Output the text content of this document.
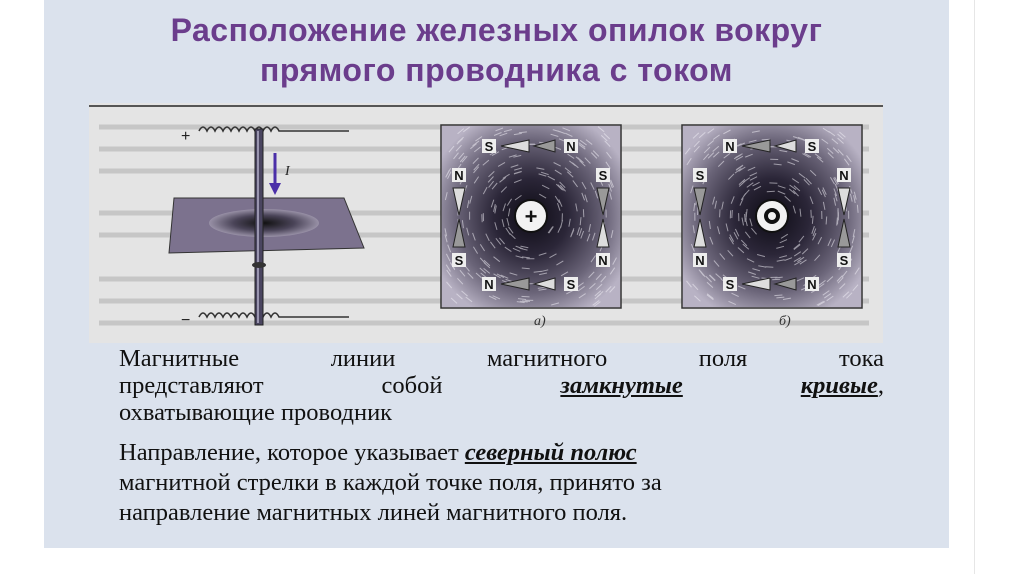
Расположение железных опилок вокруг
прямого проводника с током
+
−
I
+
S	N
N
S
S
N
N	S
а)
N	S
S
N
N
S
S	N
б)
Магнитные	линии	магнитного	поля	тока
представляют	собой	замкнутые	кривые,
охватывающие проводник
Направление, которое указывает северный полюс
магнитной стрелки в каждой точке поля, принято за
направление магнитных линей магнитного поля.
